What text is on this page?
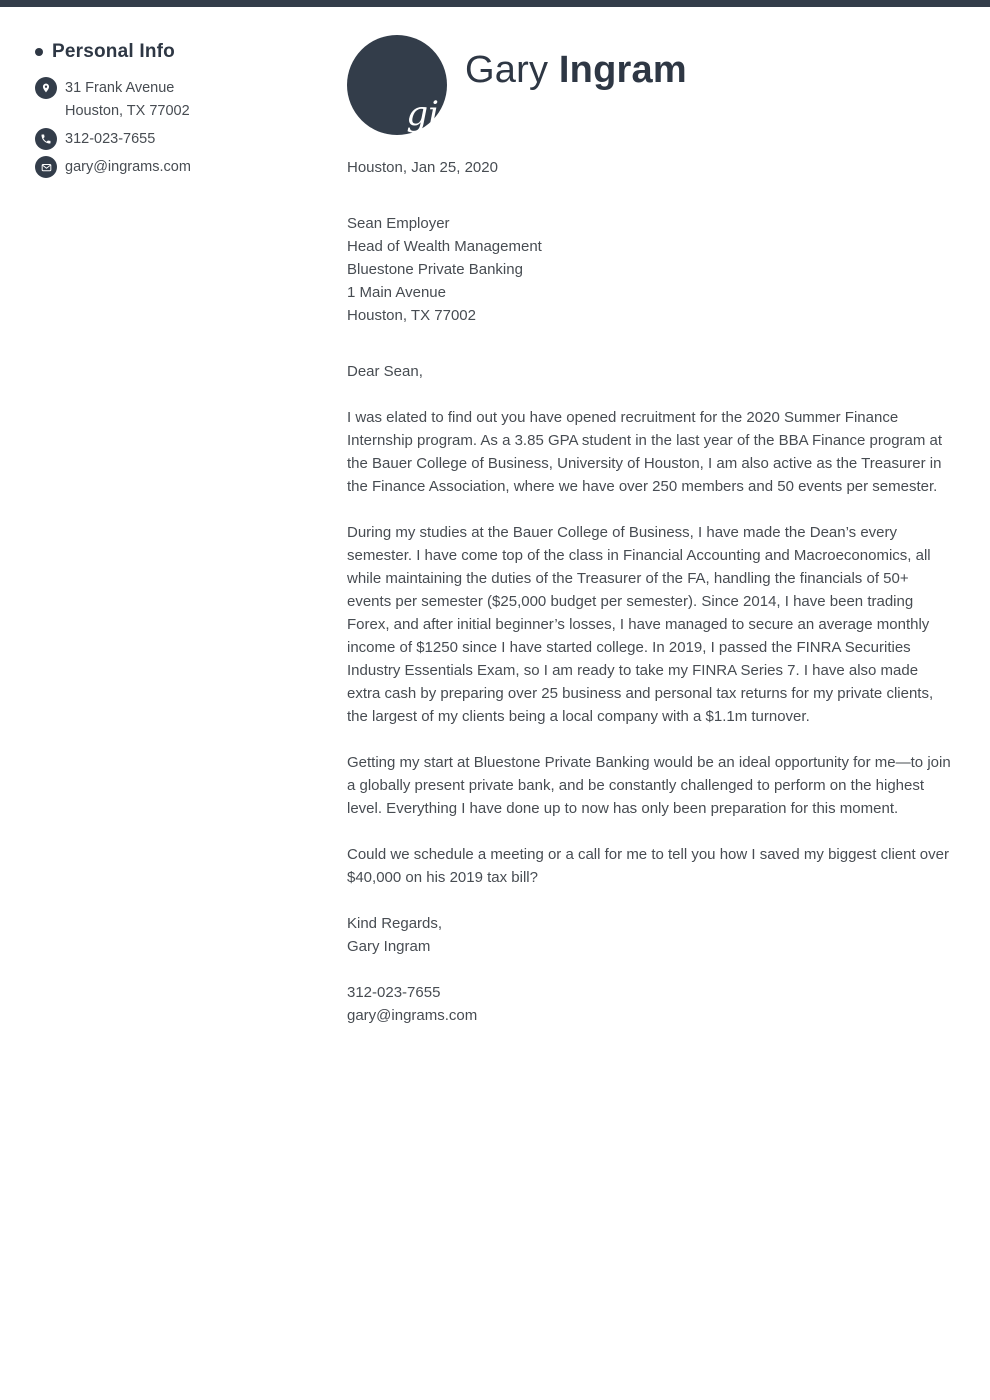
Personal Info
31 Frank Avenue
Houston, TX 77002
312-023-7655
gary@ingrams.com
gi
Gary Ingram
Houston, Jan 25, 2020
Sean Employer
Head of Wealth Management
Bluestone Private Banking
1 Main Avenue
Houston, TX 77002

Dear Sean,

I was elated to find out you have opened recruitment for the 2020 Summer Finance Internship program. As a 3.85 GPA student in the last year of the BBA Finance program at the Bauer College of Business, University of Houston, I am also active as the Treasurer in the Finance Association, where we have over 250 members and 50 events per semester.

During my studies at the Bauer College of Business, I have made the Dean’s every semester. I have come top of the class in Financial Accounting and Macroeconomics, all while maintaining the duties of the Treasurer of the FA, handling the financials of 50+ events per semester ($25,000 budget per semester). Since 2014, I have been trading Forex, and after initial beginner’s losses, I have managed to secure an average monthly income of $1250 since I have started college. In 2019, I passed the FINRA Securities Industry Essentials Exam, so I am ready to take my FINRA Series 7. I have also made extra cash by preparing over 25 business and personal tax returns for my private clients, the largest of my clients being a local company with a $1.1m turnover.

Getting my start at Bluestone Private Banking would be an ideal opportunity for me—to join a globally present private bank, and be constantly challenged to perform on the highest level. Everything I have done up to now has only been preparation for this moment.

Could we schedule a meeting or a call for me to tell you how I saved my biggest client over $40,000 on his 2019 tax bill?

Kind Regards,
Gary Ingram
312-023-7655
gary@ingrams.com
